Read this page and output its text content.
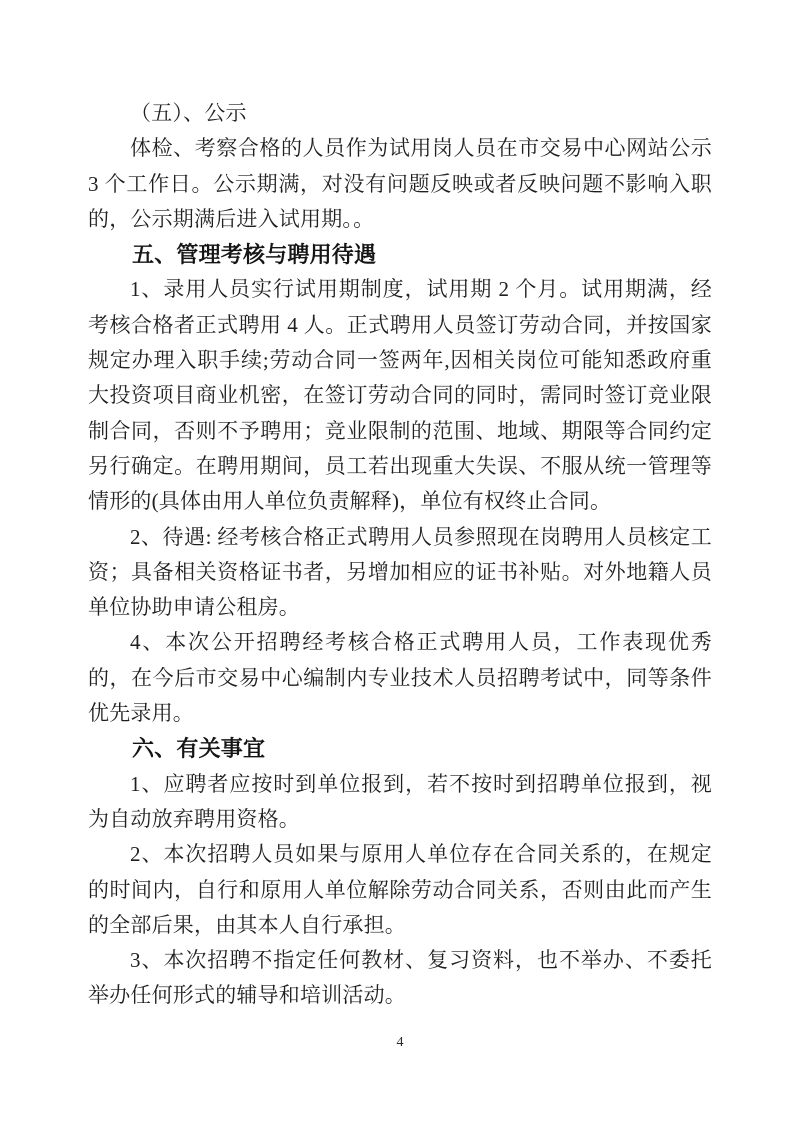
（五）、公示

体检、考察合格的人员作为试用岗人员在市交易中心网站公示 3 个工作日。公示期满，对没有问题反映或者反映问题不影响入职的，公示期满后进入试用期。。

五、管理考核与聘用待遇

1、录用人员实行试用期制度，试用期 2 个月。试用期满，经考核合格者正式聘用 4 人。正式聘用人员签订劳动合同，并按国家规定办理入职手续;劳动合同一签两年,因相关岗位可能知悉政府重大投资项目商业机密，在签订劳动合同的同时，需同时签订竞业限制合同，否则不予聘用；竞业限制的范围、地域、期限等合同约定另行确定。在聘用期间，员工若出现重大失误、不服从统一管理等情形的(具体由用人单位负责解释)，单位有权终止合同。

2、待遇: 经考核合格正式聘用人员参照现在岗聘用人员核定工资；具备相关资格证书者，另增加相应的证书补贴。对外地籍人员单位协助申请公租房。

4、本次公开招聘经考核合格正式聘用人员，工作表现优秀的，在今后市交易中心编制内专业技术人员招聘考试中，同等条件优先录用。

六、有关事宜

1、应聘者应按时到单位报到，若不按时到招聘单位报到，视为自动放弃聘用资格。

2、本次招聘人员如果与原用人单位存在合同关系的，在规定的时间内，自行和原用人单位解除劳动合同关系，否则由此而产生的全部后果，由其本人自行承担。

3、本次招聘不指定任何教材、复习资料，也不举办、不委托举办任何形式的辅导和培训活动。

4
